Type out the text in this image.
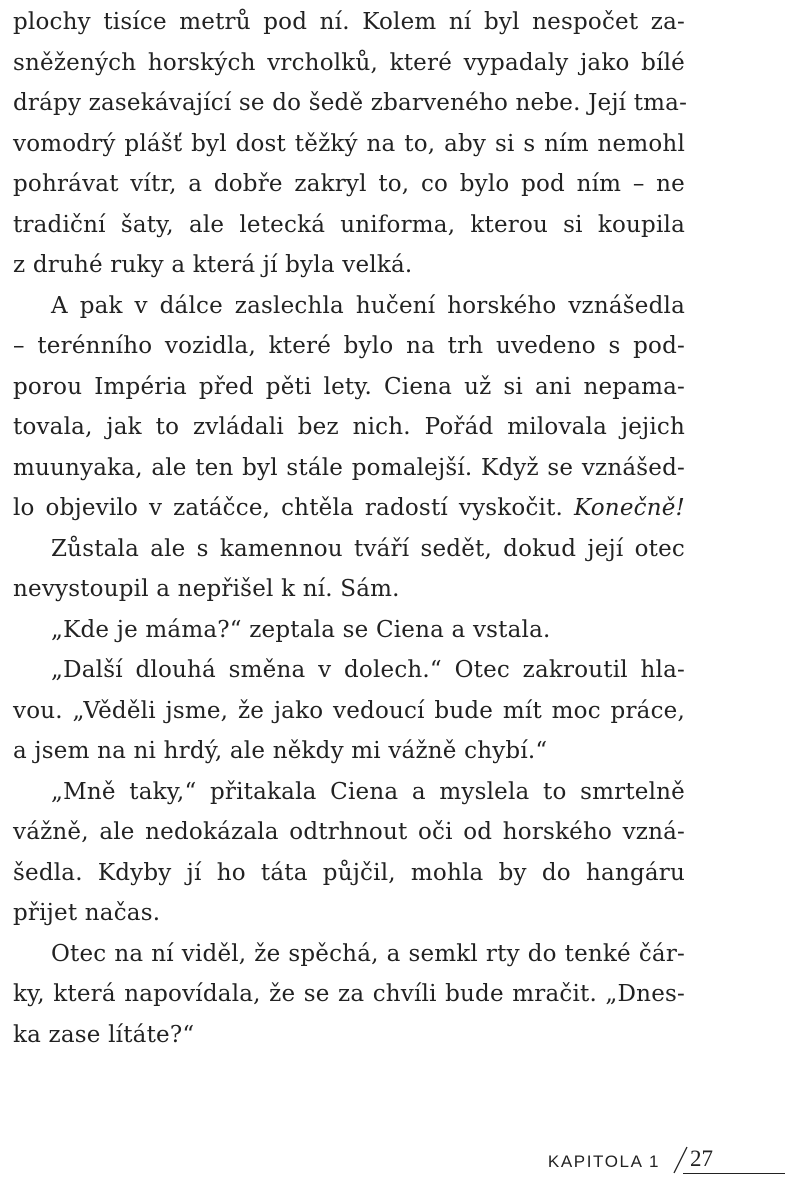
plochy tisíce metrů pod ní. Kolem ní byl nespočet za-
sněžených horských vrcholků, které vypadaly jako bílé
drápy zasekávající se do šedě zbarveného nebe. Její tma-
vomodrý plášť byl dost těžký na to, aby si s ním nemohl
pohrávat vítr, a dobře zakryl to, co bylo pod ním – ne
tradiční šaty, ale letecká uniforma, kterou si koupila
z druhé ruky a která jí byla velká.
A pak v dálce zaslechla hučení horského vznášedla
– terénního vozidla, které bylo na trh uvedeno s pod-
porou Impéria před pěti lety. Ciena už si ani nepama-
tovala, jak to zvládali bez nich. Pořád milovala jejich
muunyaka, ale ten byl stále pomalejší. Když se vznášed-
lo objevilo v zatáčce, chtěla radostí vyskočit. Konečně!
Zůstala ale s kamennou tváří sedět, dokud její otec
nevystoupil a nepřišel k ní. Sám.
„Kde je máma?“ zeptala se Ciena a vstala.
„Další dlouhá směna v dolech.“ Otec zakroutil hla-
vou. „Věděli jsme, že jako vedoucí bude mít moc práce,
a jsem na ni hrdý, ale někdy mi vážně chybí.“
„Mně taky,“ přitakala Ciena a myslela to smrtelně
vážně, ale nedokázala odtrhnout oči od horského vzná-
šedla. Kdyby jí ho táta půjčil, mohla by do hangáru
přijet načas.
Otec na ní viděl, že spěchá, a semkl rty do tenké čár-
ky, která napovídala, že se za chvíli bude mračit. „Dnes-
ka zase lítáte?“
KAPITOLA 1 27
